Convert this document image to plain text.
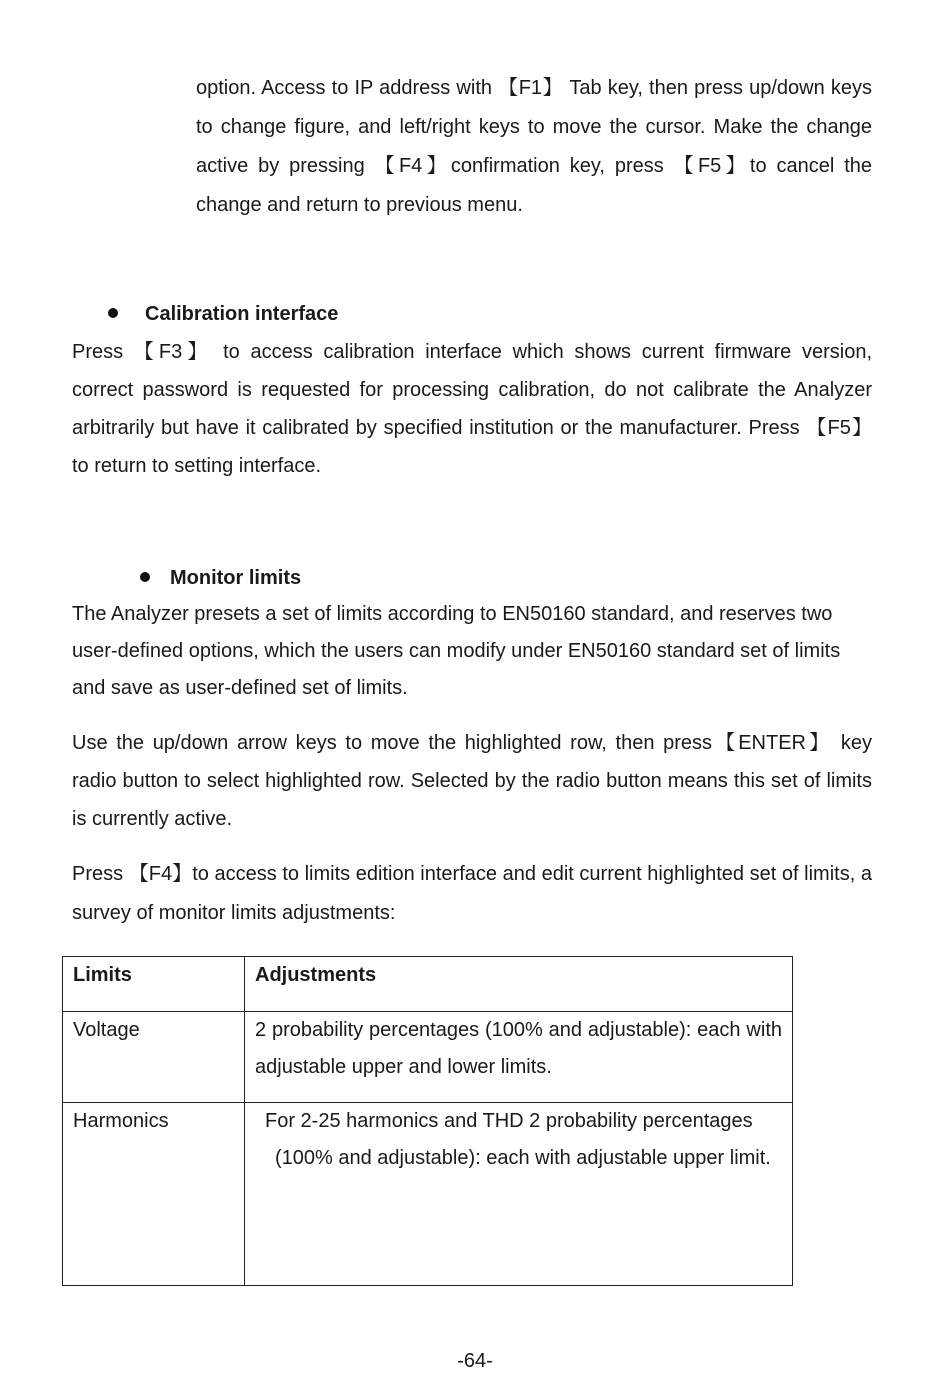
option. Access to IP address with 【F1】 Tab key, then press up/down keys to change figure, and left/right keys to move the cursor. Make the change active by pressing 【F4】confirmation key, press 【F5】to cancel the change and return to previous menu.

Calibration interface

Press 【F3】 to access calibration interface which shows current firmware version, correct password is requested for processing calibration, do not calibrate the Analyzer arbitrarily but have it calibrated by specified institution or the manufacturer. Press 【F5】to return to setting interface.

Monitor limits

The Analyzer presets a set of limits according to EN50160 standard, and reserves two user-defined options, which the users can modify under EN50160 standard set of limits and save as user-defined set of limits.

Use the up/down arrow keys to move the highlighted row, then press【ENTER】 key radio button to select highlighted row. Selected by the radio button means this set of limits is currently active.

Press 【F4】to access to limits edition interface and edit current highlighted set of limits, a survey of monitor limits adjustments:

Limits	Adjustments
Voltage	2 probability percentages (100% and adjustable): each with adjustable upper and lower limits.
Harmonics	For 2-25 harmonics and THD 2 probability percentages
(100% and adjustable): each with adjustable upper limit.
-64-
